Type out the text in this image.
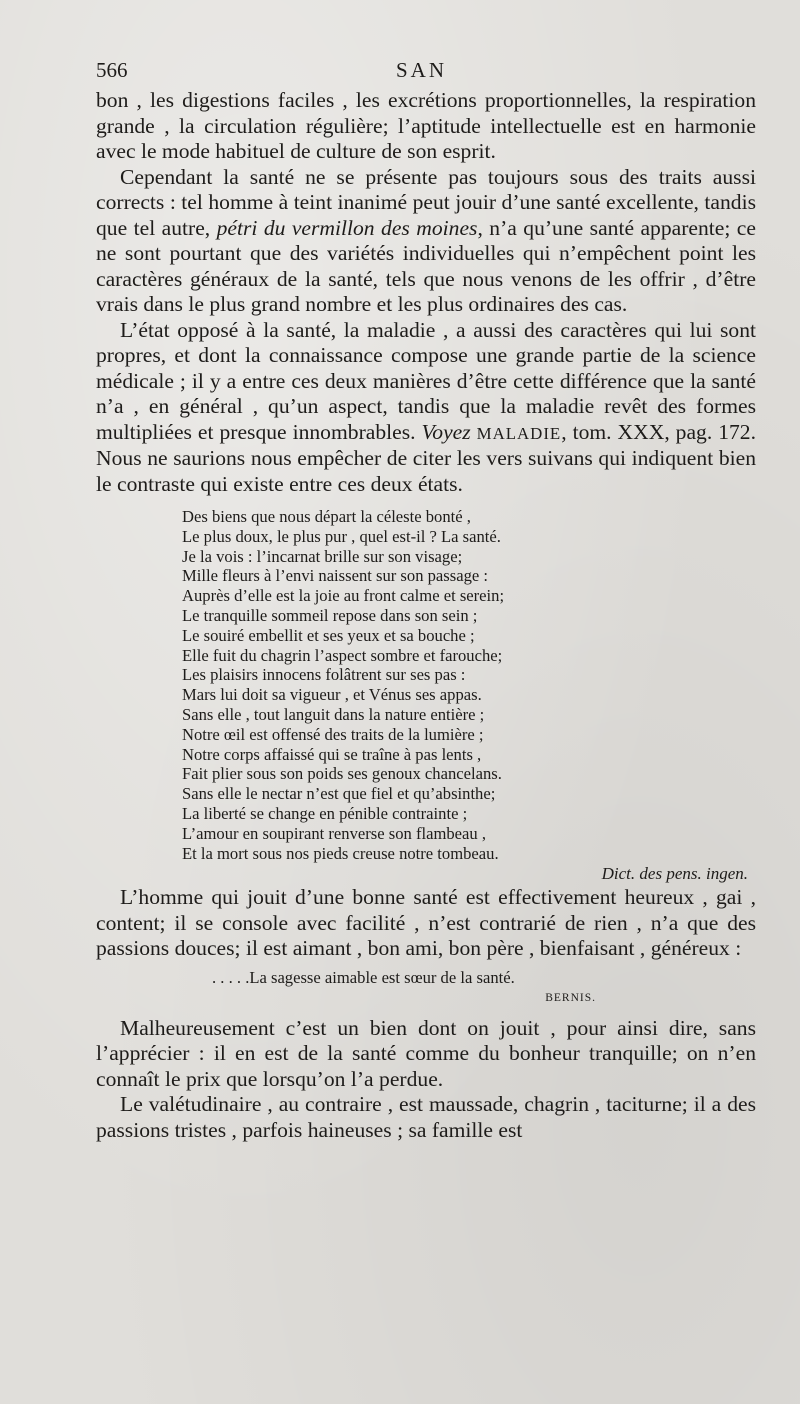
566	SAN

bon , les digestions faciles , les excrétions proportionnelles, la respiration grande , la circulation régulière; l’aptitude intellectuelle est en harmonie avec le mode habituel de culture de son esprit.

Cependant la santé ne se présente pas toujours sous des traits aussi corrects : tel homme à teint inanimé peut jouir d’une santé excellente, tandis que tel autre, pétri du vermillon des moines, n’a qu’une santé apparente; ce ne sont pourtant que des variétés individuelles qui n’empêchent point les caractères généraux de la santé, tels que nous venons de les offrir , d’être vrais dans le plus grand nombre et les plus ordinaires des cas.

L’état opposé à la santé, la maladie , a aussi des caractères qui lui sont propres, et dont la connaissance compose une grande partie de la science médicale ; il y a entre ces deux manières d’être cette différence que la santé n’a , en général , qu’un aspect, tandis que la maladie revêt des formes multipliées et presque innombrables. Voyez MALADIE, tom. XXX, pag. 172. Nous ne saurions nous empêcher de citer les vers suivans qui indiquent bien le contraste qui existe entre ces deux états.

Des biens que nous départ la céleste bonté ,
Le plus doux, le plus pur , quel est-il ? La santé.
Je la vois : l’incarnat brille sur son visage;
Mille fleurs à l’envi naissent sur son passage :
Auprès d’elle est la joie au front calme et serein;
Le tranquille sommeil repose dans son sein ;
Le souiré embellit et ses yeux et sa bouche ;
Elle fuit du chagrin l’aspect sombre et farouche;
Les plaisirs innocens folâtrent sur ses pas :
Mars lui doit sa vigueur , et Vénus ses appas.
Sans elle , tout languit dans la nature entière ;
Notre œil est offensé des traits de la lumière ;
Notre corps affaissé qui se traîne à pas lents ,
Fait plier sous son poids ses genoux chancelans.
Sans elle le nectar n’est que fiel et qu’absinthe;
La liberté se change en pénible contrainte ;
L’amour en soupirant renverse son flambeau ,
Et la mort sous nos pieds creuse notre tombeau.
Dict. des pens. ingen.

L’homme qui jouit d’une bonne santé est effectivement heureux , gai , content; il se console avec facilité , n’est contrarié de rien , n’a que des passions douces; il est aimant , bon ami, bon père , bienfaisant , généreux :

. . . . .La sagesse aimable est sœur de la santé.
BERNIS.

Malheureusement c’est un bien dont on jouit , pour ainsi dire, sans l’apprécier : il en est de la santé comme du bonheur tranquille; on n’en connaît le prix que lorsqu’on l’a perdue.

Le valétudinaire , au contraire , est maussade, chagrin , taciturne; il a des passions tristes , parfois haineuses ; sa famille est
